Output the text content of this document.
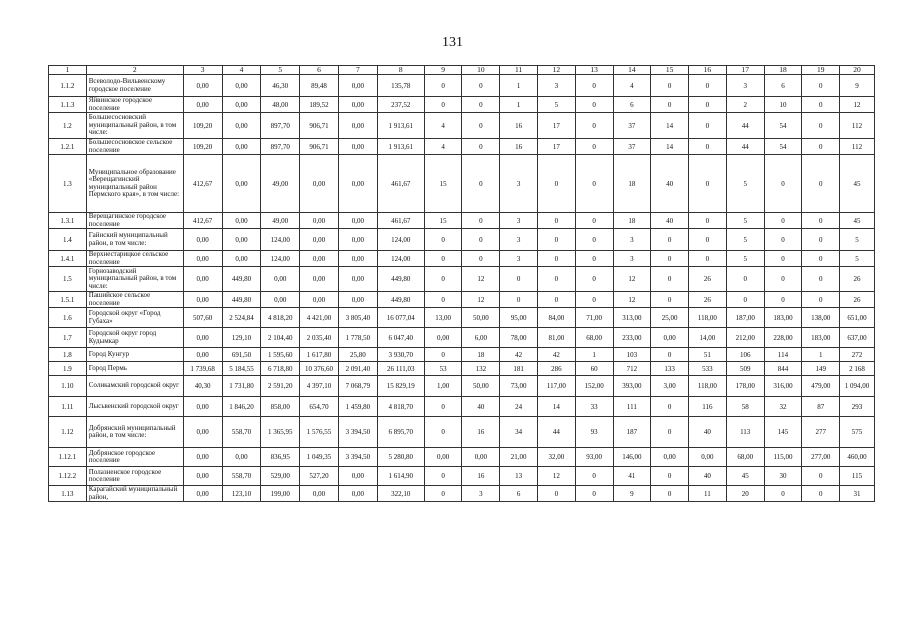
131
1	2	3	4	5	6	7	8	9	10	11	12	13	14	15	16	17	18	19	20
1.1.2	Всеволодо-Вильвенскому городское поселение	0,00	0,00	46,30	89,48	0,00	135,78	0	0	1	3	0	4	0	0	3	6	0	9
1.1.3	Яйвинское городское поселение	0,00	0,00	48,00	189,52	0,00	237,52	0	0	1	5	0	6	0	0	2	10	0	12
1.2	Большесосновский муниципальный район, в том числе:	109,20	0,00	897,70	906,71	0,00	1 913,61	4	0	16	17	0	37	14	0	44	54	0	112
1.2.1	Большесосновское сельское поселение	109,20	0,00	897,70	906,71	0,00	1 913,61	4	0	16	17	0	37	14	0	44	54	0	112
1.3	Муниципальное образование «Верещагинский муниципальный район Пермского края», в том числе:	412,67	0,00	49,00	0,00	0,00	461,67	15	0	3	0	0	18	40	0	5	0	0	45
1.3.1	Верещагинское городское поселение	412,67	0,00	49,00	0,00	0,00	461,67	15	0	3	0	0	18	40	0	5	0	0	45
1.4	Гайнский муниципальный район, в том числе:	0,00	0,00	124,00	0,00	0,00	124,00	0	0	3	0	0	3	0	0	5	0	0	5
1.4.1	Верхнестарицкое сельское поселение	0,00	0,00	124,00	0,00	0,00	124,00	0	0	3	0	0	3	0	0	5	0	0	5
1.5	Горнозаводский муниципальный район, в том числе:	0,00	449,80	0,00	0,00	0,00	449,80	0	12	0	0	0	12	0	26	0	0	0	26
1.5.1	Пашийское сельское поселение	0,00	449,80	0,00	0,00	0,00	449,80	0	12	0	0	0	12	0	26	0	0	0	26
1.6	Городской округ «Город Губаха»	507,60	2 524,84	4 818,20	4 421,00	3 805,40	16 077,04	13,00	50,00	95,00	84,00	71,00	313,00	25,00	118,00	187,00	183,00	138,00	651,00
1.7	Городской округ город Кудымкар	0,00	129,10	2 104,40	2 035,40	1 778,50	6 047,40	0,00	6,00	78,00	81,00	68,00	233,00	0,00	14,00	212,00	228,00	183,00	637,00
1.8	Город Кунгур	0,00	691,50	1 595,60	1 617,80	25,80	3 930,70	0	18	42	42	1	103	0	51	106	114	1	272
1.9	Город Пермь	1 739,68	5 184,55	6 718,80	10 376,60	2 091,40	26 111,03	53	132	181	286	60	712	133	533	509	844	149	2 168
1.10	Соликамский городской округ	40,30	1 731,80	2 591,20	4 397,10	7 068,79	15 829,19	1,00	50,00	73,00	117,00	152,00	393,00	3,00	118,00	178,00	316,00	479,00	1 094,00
1.11	Лысьвенский городской округ	0,00	1 846,20	858,00	654,70	1 459,80	4 818,70	0	40	24	14	33	111	0	116	58	32	87	293
1.12	Добрянский муниципальный район, в том числе:	0,00	558,70	1 365,95	1 576,55	3 394,50	6 895,70	0	16	34	44	93	187	0	40	113	145	277	575
1.12.1	Добрянское городское поселение	0,00	0,00	836,95	1 049,35	3 394,50	5 280,80	0,00	0,00	21,00	32,00	93,00	146,00	0,00	0,00	68,00	115,00	277,00	460,00
1.12.2	Полазненское городское поселение	0,00	558,70	529,00	527,20	0,00	1 614,90	0	16	13	12	0	41	0	40	45	30	0	115
1.13	Карагайский муниципальный район,	0,00	123,10	199,00	0,00	0,00	322,10	0	3	6	0	0	9	0	11	20	0	0	31
